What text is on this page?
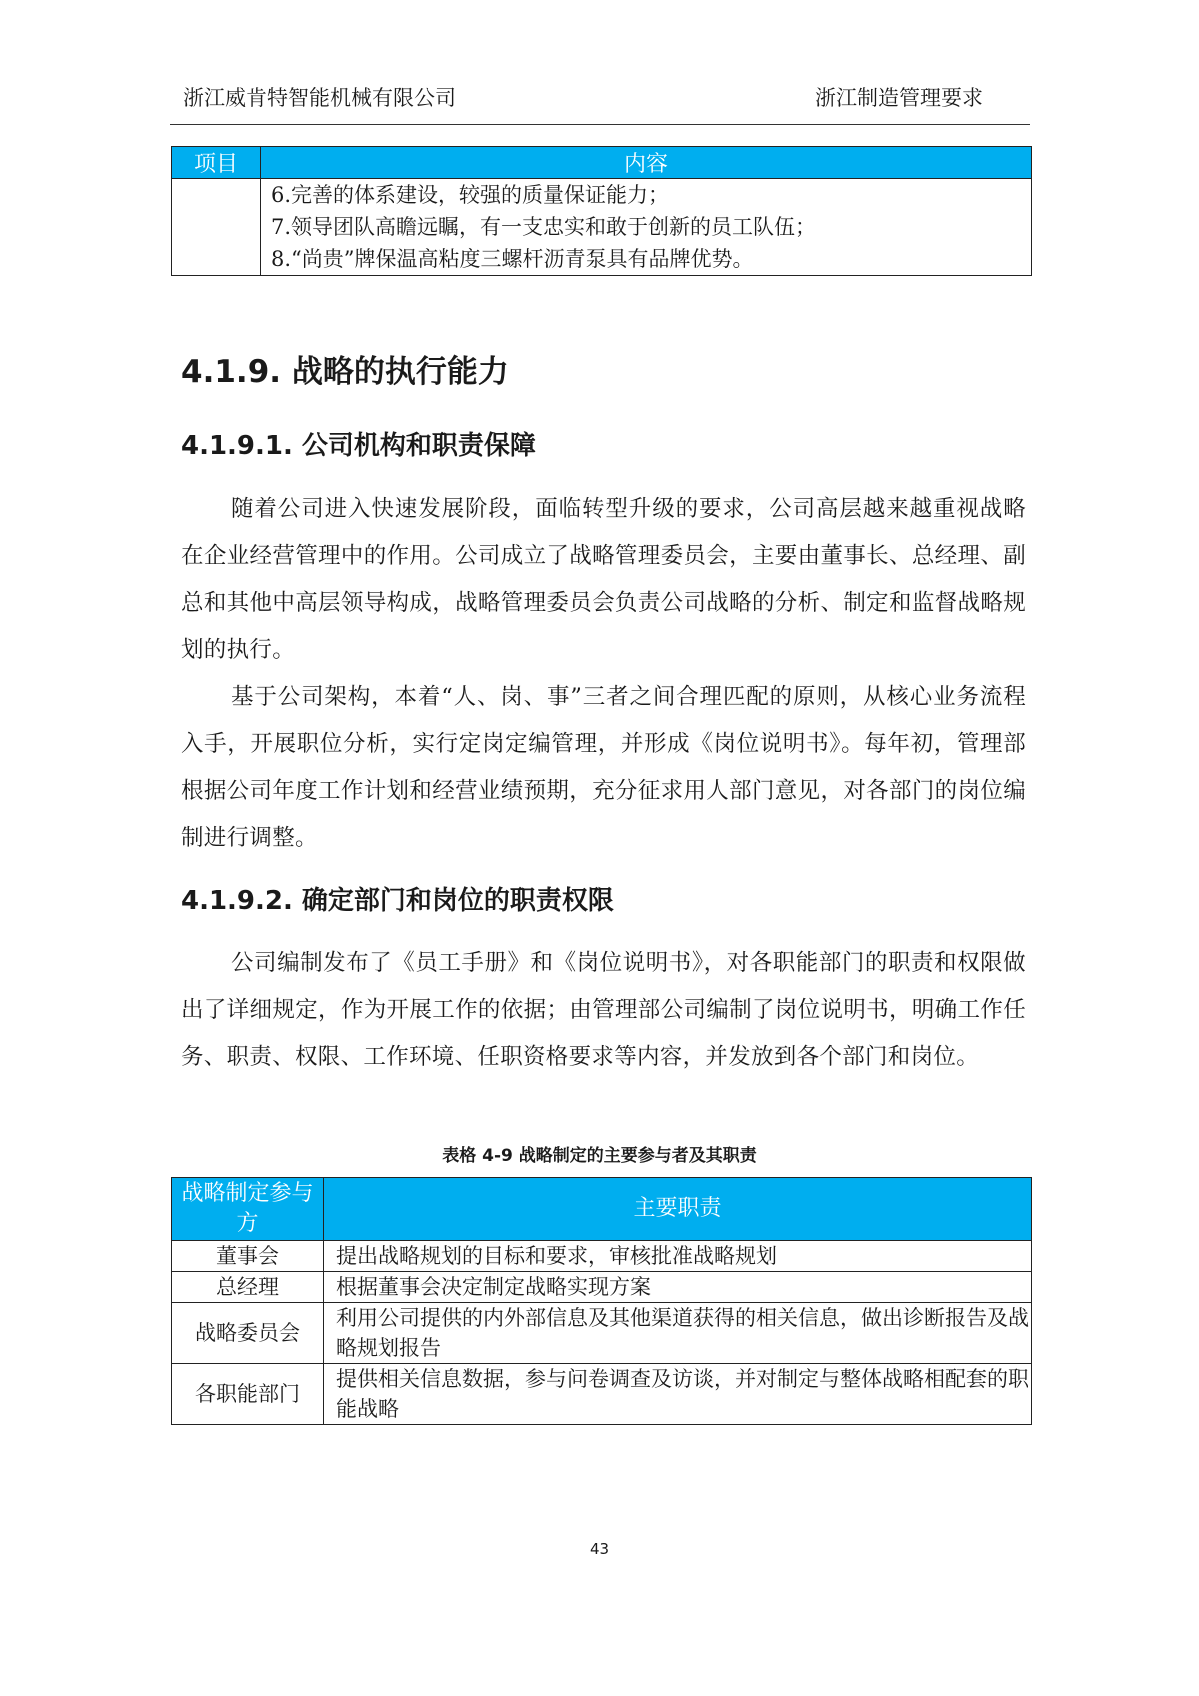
浙江威肯特智能机械有限公司	浙江制造管理要求
项目	内容

	6.完善的体系建设，较强的质量保证能力；
7.领导团队高瞻远瞩，有一支忠实和敢于创新的员工队伍；
8.“尚贵”牌保温高粘度三螺杆沥青泵具有品牌优势。
4.1.9. 战略的执行能力
4.1.9.1. 公司机构和职责保障

随着公司进入快速发展阶段，面临转型升级的要求，公司高层越来越重视战略在企业经营管理中的作用。公司成立了战略管理委员会，主要由董事长、总经理、副总和其他中高层领导构成，战略管理委员会负责公司战略的分析、制定和监督战略规划的执行。

基于公司架构，本着“人、岗、事”三者之间合理匹配的原则，从核心业务流程入手，开展职位分析，实行定岗定编管理，并形成《岗位说明书》。每年初，管理部根据公司年度工作计划和经营业绩预期，充分征求用人部门意见，对各部门的岗位编制进行调整。

4.1.9.2. 确定部门和岗位的职责权限

公司编制发布了《员工手册》和《岗位说明书》，对各职能部门的职责和权限做出了详细规定，作为开展工作的依据；由管理部公司编制了岗位说明书，明确工作任务、职责、权限、工作环境、任职资格要求等内容，并发放到各个部门和岗位。

表格 4-9 战略制定的主要参与者及其职责
战略制定参与方	主要职责
董事会	提出战略规划的目标和要求，审核批准战略规划
总经理	根据董事会决定制定战略实现方案
战略委员会	利用公司提供的内外部信息及其他渠道获得的相关信息，做出诊断报告及战略规划报告
各职能部门	提供相关信息数据，参与问卷调查及访谈，并对制定与整体战略相配套的职能战略
43
